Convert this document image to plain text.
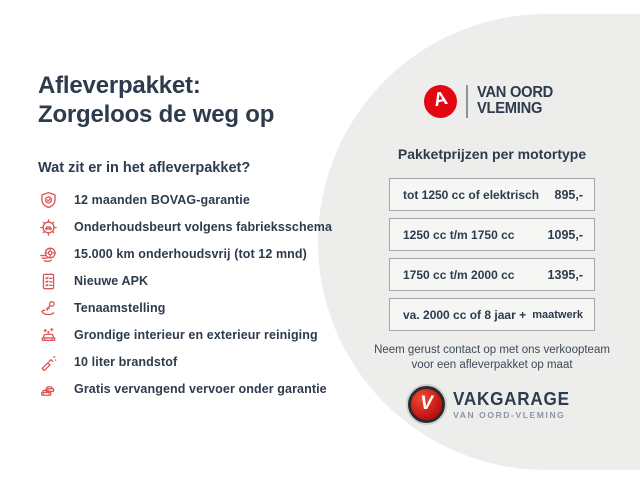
Afleverpakket:
Zorgeloos de weg op
Wat zit er in het afleverpakket?
12 maanden BOVAG-garantie
Onderhoudsbeurt volgens fabrieksschema
15.000 km onderhoudsvrij (tot 12 mnd)
Nieuwe APK
Tenaamstelling
Grondige interieur en exterieur reiniging
10 liter brandstof
Gratis vervangend vervoer onder garantie
A VAN OORD
VLEMING
Pakketprijzen per motortype
tot 1250 cc of elektrisch 895,-
1250 cc t/m 1750 cc	1095,-
1750 cc t/m 2000 cc	1395,-
va. 2000 cc of 8 jaar + maatwerk
Neem gerust contact op met ons verkoopteam
voor een afleverpakket op maat
V VAKGARAGE
VAN OORD-VLEMING
